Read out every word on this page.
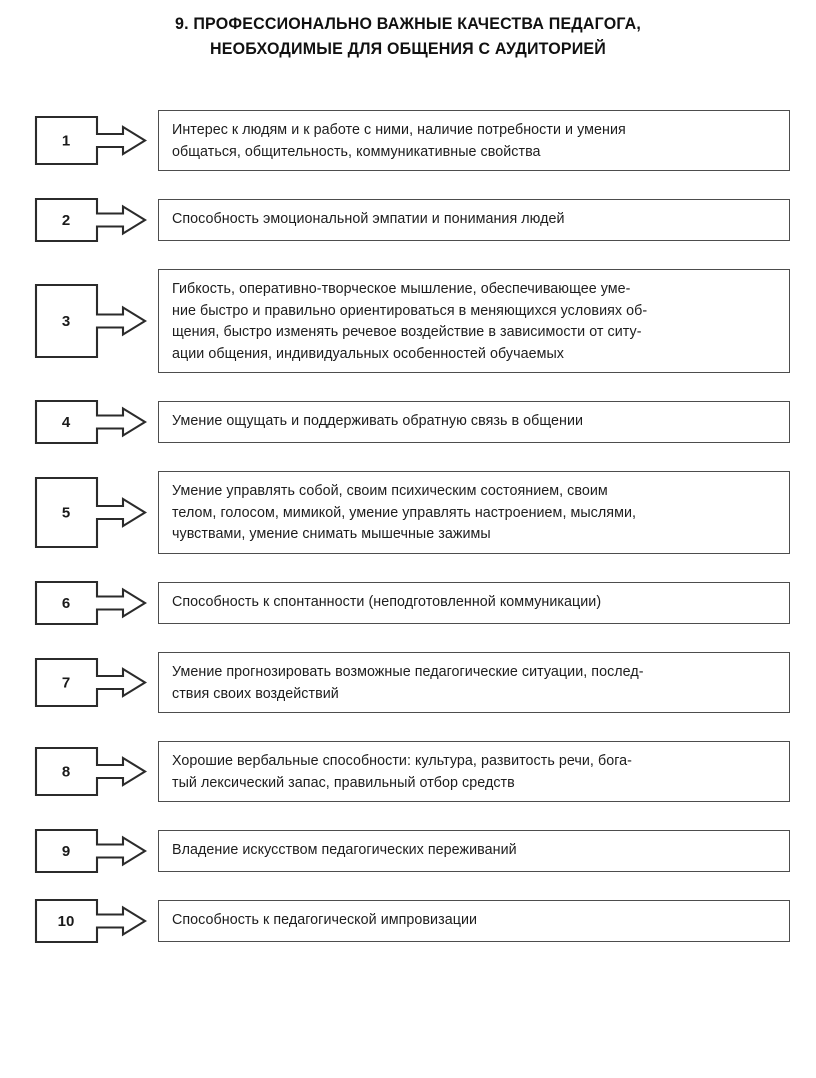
9. ПРОФЕССИОНАЛЬНО ВАЖНЫЕ КАЧЕСТВА ПЕДАГОГА,
НЕОБХОДИМЫЕ ДЛЯ ОБЩЕНИЯ С АУДИТОРИЕЙ
1
Интерес к людям и к работе с ними, наличие потребности и умения
общаться, общительность, коммуникативные свойства
2	Способность эмоциональной эмпатии и понимания людей
3
Гибкость, оперативно-творческое мышление, обеспечивающее уме-
ние быстро и правильно ориентироваться в меняющихся условиях об-
щения, быстро изменять речевое воздействие в зависимости от ситу-
ации общения, индивидуальных особенностей обучаемых
4	Умение ощущать и поддерживать обратную связь в общении
5
Умение управлять собой, своим психическим состоянием, своим
телом, голосом, мимикой, умение управлять настроением, мыслями,
чувствами, умение снимать мышечные зажимы
6	Способность к спонтанности (неподготовленной коммуникации)
7
Умение прогнозировать возможные педагогические ситуации, послед-
ствия своих воздействий
8
Хорошие вербальные способности: культура, развитость речи, бога-
тый лексический запас, правильный отбор средств
9	Владение искусством педагогических переживаний
10	Способность к педагогической импровизации
